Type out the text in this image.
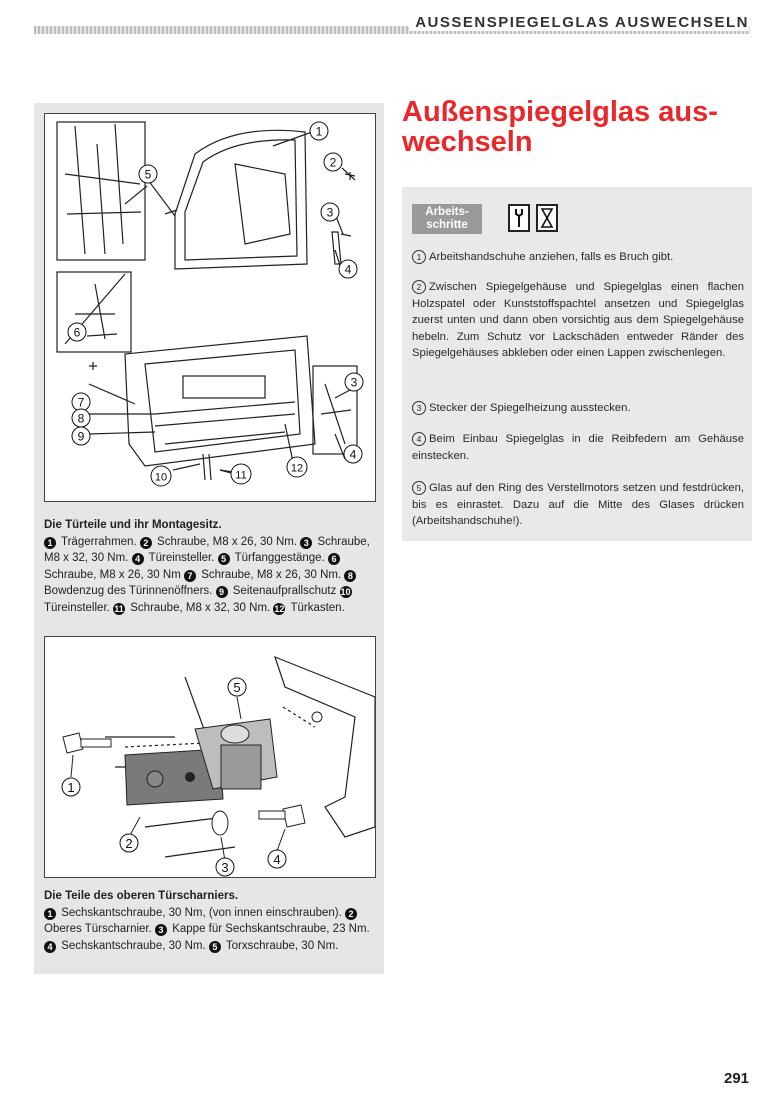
AUSSENSPIEGELGLAS AUSWECHSELN
1
2
3
4
5
6
7
8
9
10	11
12
3
4
Die Türteile und ihr Montagesitz.
1 Trägerrahmen. 2 Schraube, M8 x 26, 30 Nm. 3 Schraube, M8 x 32, 30 Nm. 4 Türeinsteller. 5 Türfanggestänge. 6 Schraube, M8 x 26, 30 Nm 7 Schraube, M8 x 26, 30 Nm. 8 Bowdenzug des Türinnenöffners. 9 Seitenaufprallschutz 10 Türeinsteller. 11 Schraube, M8 x 32, 30 Nm. 12 Türkasten.
1
2
3
4
5
Die Teile des oberen Türscharniers.
1 Sechskantschraube, 30 Nm, (von innen einschrauben). 2 Oberes Türscharnier. 3 Kappe für Sechskantschraube, 23 Nm. 4 Sechskantschraube, 30 Nm. 5 Torxschraube, 30 Nm.
Außenspiegelglas aus-
wechseln
Arbeits-
schritte
1 Arbeitshandschuhe anziehen, falls es Bruch gibt.
2 Zwischen Spiegelgehäuse und Spiegelglas einen flachen Holzspatel oder Kunststoffspachtel ansetzen und Spiegelglas zuerst unten und dann oben vorsichtig aus dem Spiegelgehäuse hebeln. Zum Schutz vor Lackschäden entweder Ränder des Spiegelgehäuses abkleben oder einen Lappen zwischenlegen.
3 Stecker der Spiegelheizung ausstecken.
4 Beim Einbau Spiegelglas in die Reibfedern am Gehäuse einstecken.
5 Glas auf den Ring des Verstellmotors setzen und festdrücken, bis es einrastet. Dazu auf die Mitte des Glases drücken (Arbeitshandschuhe!).
291
